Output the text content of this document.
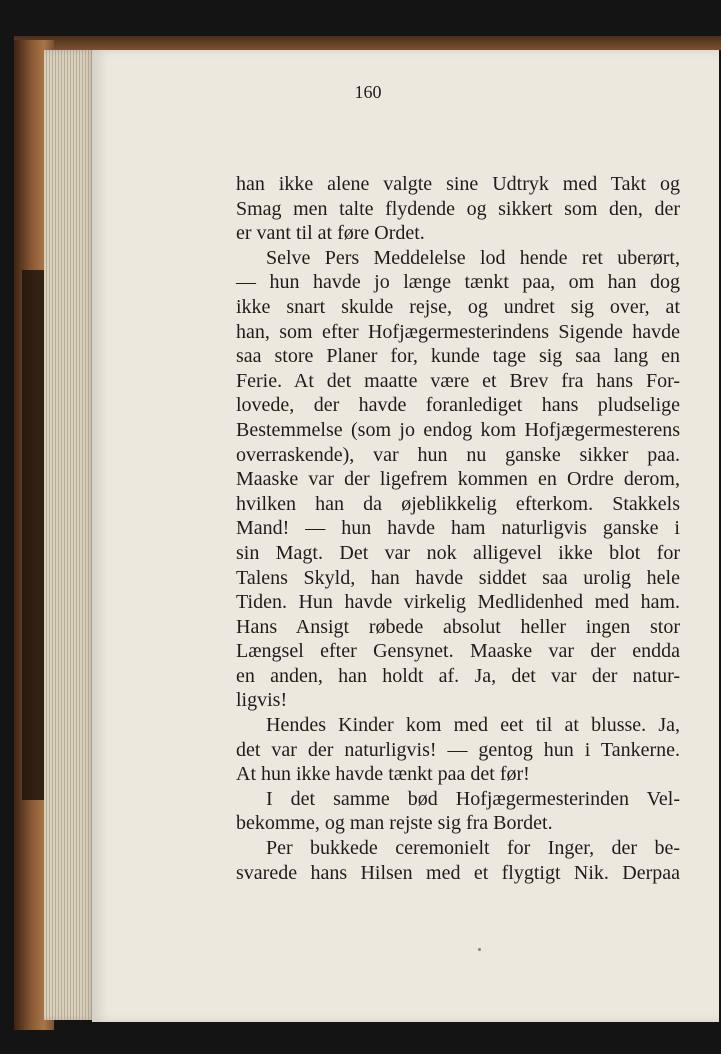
160
han ikke alene valgte sine Udtryk med Takt og
Smag men talte flydende og sikkert som den, der
er vant til at føre Ordet.
Selve Pers Meddelelse lod hende ret uberørt,
— hun havde jo længe tænkt paa, om han dog
ikke snart skulde rejse, og undret sig over, at
han, som efter Hofjægermesterindens Sigende havde
saa store Planer for, kunde tage sig saa lang en
Ferie. At det maatte være et Brev fra hans For-
lovede, der havde foranlediget hans pludselige
Bestemmelse (som jo endog kom Hofjægermesterens
overraskende), var hun nu ganske sikker paa.
Maaske var der ligefrem kommen en Ordre derom,
hvilken han da øjeblikkelig efterkom. Stakkels
Mand! — hun havde ham naturligvis ganske i
sin Magt. Det var nok alligevel ikke blot for
Talens Skyld, han havde siddet saa urolig hele
Tiden. Hun havde virkelig Medlidenhed med ham.
Hans Ansigt røbede absolut heller ingen stor
Længsel efter Gensynet. Maaske var der endda
en anden, han holdt af. Ja, det var der natur-
ligvis!
Hendes Kinder kom med eet til at blusse. Ja,
det var der naturligvis! — gentog hun i Tankerne.
At hun ikke havde tænkt paa det før!
I det samme bød Hofjægermesterinden Vel-
bekomme, og man rejste sig fra Bordet.
Per bukkede ceremonielt for Inger, der be-
svarede hans Hilsen med et flygtigt Nik. Derpaa
